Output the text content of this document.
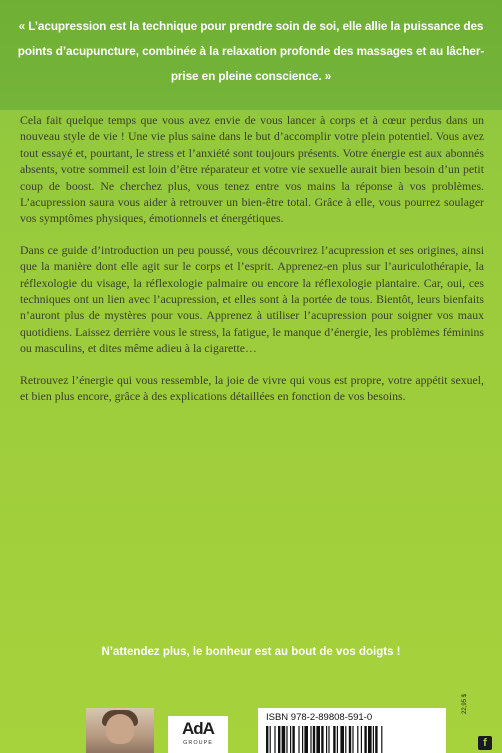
« L’acupression est la technique pour prendre soin de soi, elle allie la puissance des points d’acupuncture, combinée à la relaxation profonde des massages et au lâcher-prise en pleine conscience. »

Cela fait quelque temps que vous avez envie de vous lancer à corps et à cœur perdus dans un nouveau style de vie ! Une vie plus saine dans le but d’accomplir votre plein potentiel. Vous avez tout essayé et, pourtant, le stress et l’anxiété sont toujours présents. Votre énergie est aux abonnés absents, votre sommeil est loin d’être réparateur et votre vie sexuelle aurait bien besoin d’un petit coup de boost. Ne cherchez plus, vous tenez entre vos mains la réponse à vos problèmes. L’acupression saura vous aider à retrouver un bien-être total. Grâce à elle, vous pourrez soulager vos symptômes physiques, émotionnels et énergétiques.

Dans ce guide d’introduction un peu poussé, vous découvrirez l’acupression et ses origines, ainsi que la manière dont elle agit sur le corps et l’esprit. Apprenez-en plus sur l’auriculothérapie, la réflexologie du visage, la réflexologie palmaire ou encore la réflexologie plantaire. Car, oui, ces techniques ont un lien avec l’acupression, et elles sont à la portée de tous. Bientôt, leurs bienfaits n’auront plus de mystères pour vous. Apprenez à utiliser l’acupression pour soigner vos maux quotidiens. Laissez derrière vous le stress, la fatigue, le manque d’énergie, les problèmes féminins ou masculins, et dites même adieu à la cigarette…

Retrouvez l’énergie qui vous ressemble, la joie de vivre qui vous est propre, votre appétit sexuel, et bien plus encore, grâce à des explications détaillées en fonction de vos besoins.

N’attendez plus, le bonheur est au bout de vos doigts !
AdA
GROUPE
ISBN 978-2-89808-591-0
22,95 $
f
